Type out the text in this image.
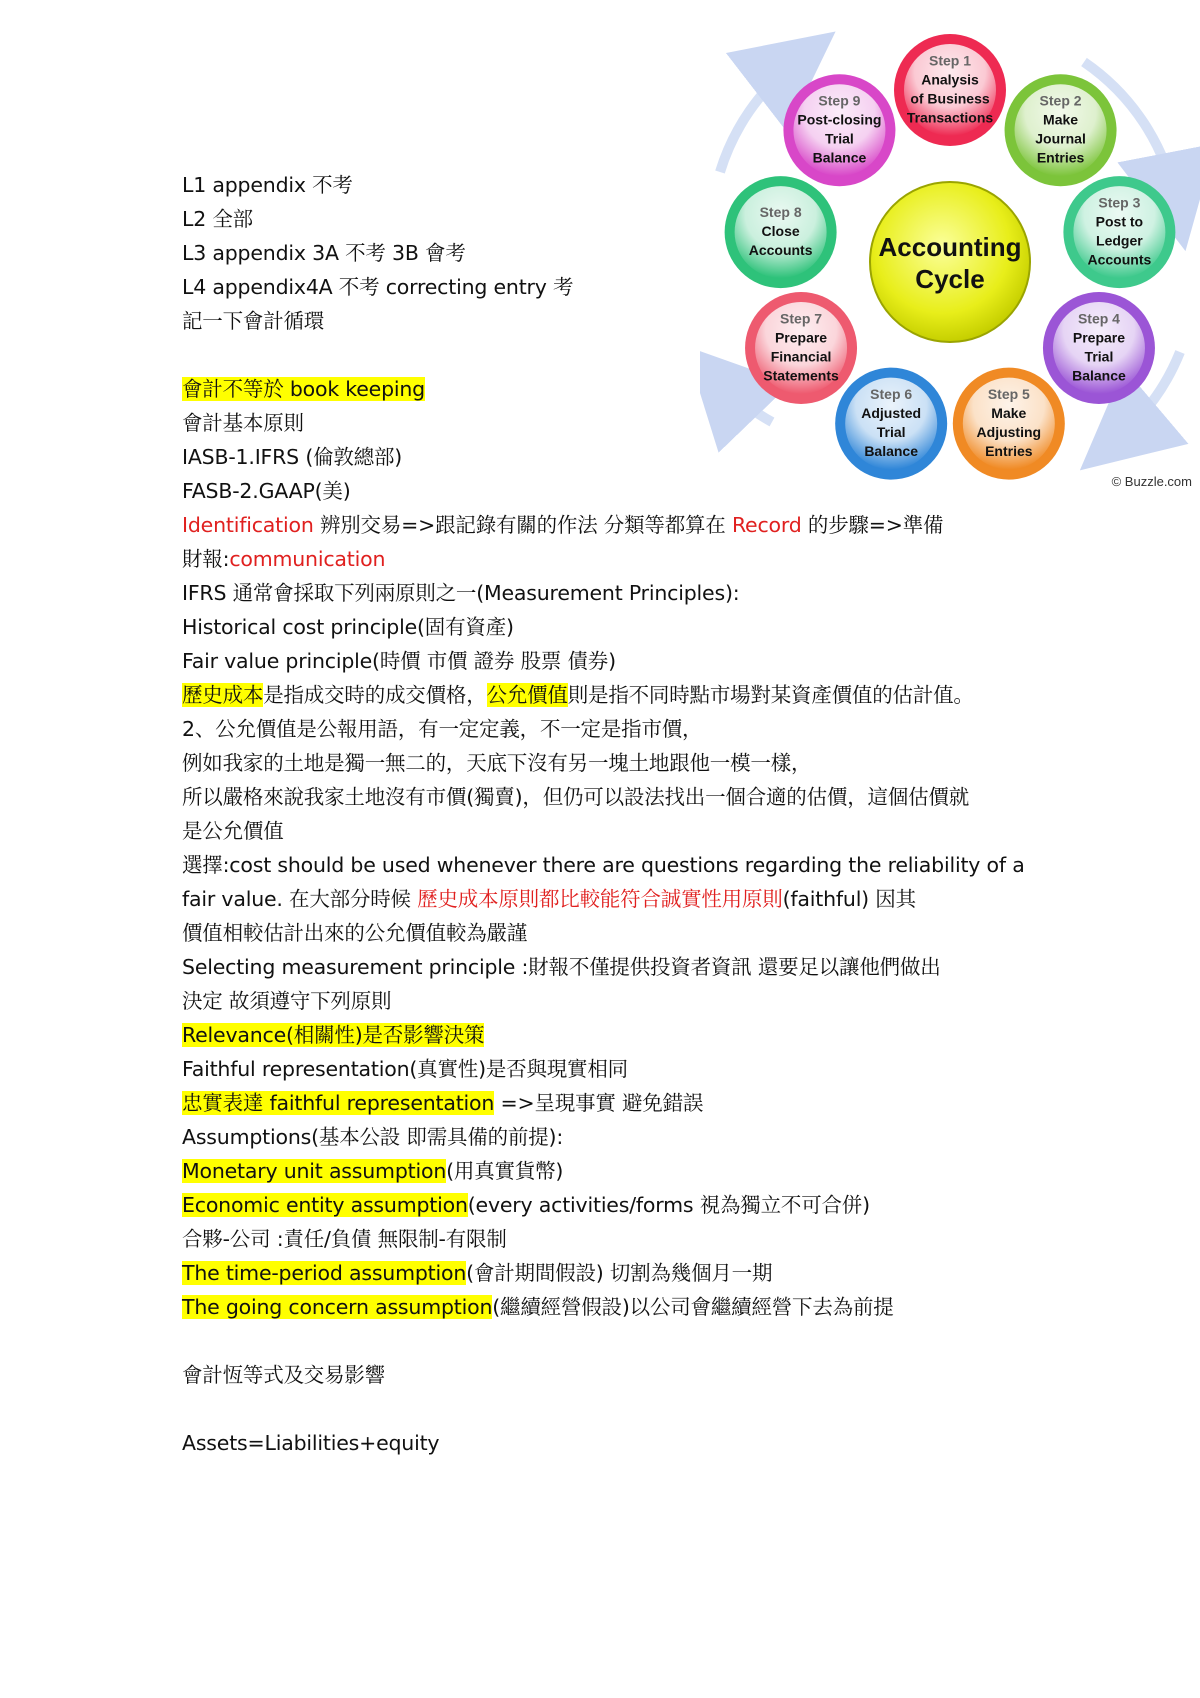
Accounting
Cycle
Step 1
Analysis
of Business
Transactions
Step 2
Make
Journal
Entries
Step 3
Post to
Ledger
Accounts
Step 4
Prepare
Trial
Balance
Step 5
Make
Adjusting
Entries
Step 6
Adjusted
Trial
Balance
Step 7
Prepare
Financial
Statements
Step 8
Close
Accounts
Step 9
Post-closing
Trial
Balance
© Buzzle.com
L1 appendix 不考
L2 全部
L3 appendix 3A 不考 3B 會考
L4 appendix4A 不考 correcting entry 考
記一下會計循環
會計不等於 book keeping
會計基本原則
IASB-1.IFRS (倫敦總部)
FASB-2.GAAP(美)
Identification 辨別交易=>跟記錄有關的作法 分類等都算在 Record 的步驟=>準備
財報:communication
IFRS 通常會採取下列兩原則之一(Measurement Principles):
Historical cost principle(固有資產)
Fair value principle(時價 市價 證券 股票 債券)
歷史成本是指成交時的成交價格，公允價值則是指不同時點市場對某資產價值的估計值。
2、公允價值是公報用語，有一定定義，不一定是指市價，
例如我家的土地是獨一無二的，天底下沒有另一塊土地跟他一模一樣，
所以嚴格來說我家土地沒有市價(獨賣)，但仍可以設法找出一個合適的估價，這個估價就
是公允價值
選擇:cost should be used whenever there are questions regarding the reliability of a
fair value. 在大部分時候 歷史成本原則都比較能符合誠實性用原則(faithful) 因其
價值相較估計出來的公允價值較為嚴謹
Selecting measurement principle :財報不僅提供投資者資訊 還要足以讓他們做出
決定 故須遵守下列原則
Relevance(相關性)是否影響決策
Faithful representation(真實性)是否與現實相同
忠實表達 faithful representation =>呈現事實 避免錯誤
Assumptions(基本公設 即需具備的前提):
Monetary unit assumption(用真實貨幣)
Economic entity assumption(every activities/forms 視為獨立不可合併)
合夥-公司 :責任/負債 無限制-有限制
The time-period assumption(會計期間假設) 切割為幾個月一期
The going concern assumption(繼續經營假設)以公司會繼續經營下去為前提
會計恆等式及交易影響
Assets=Liabilities+equity
